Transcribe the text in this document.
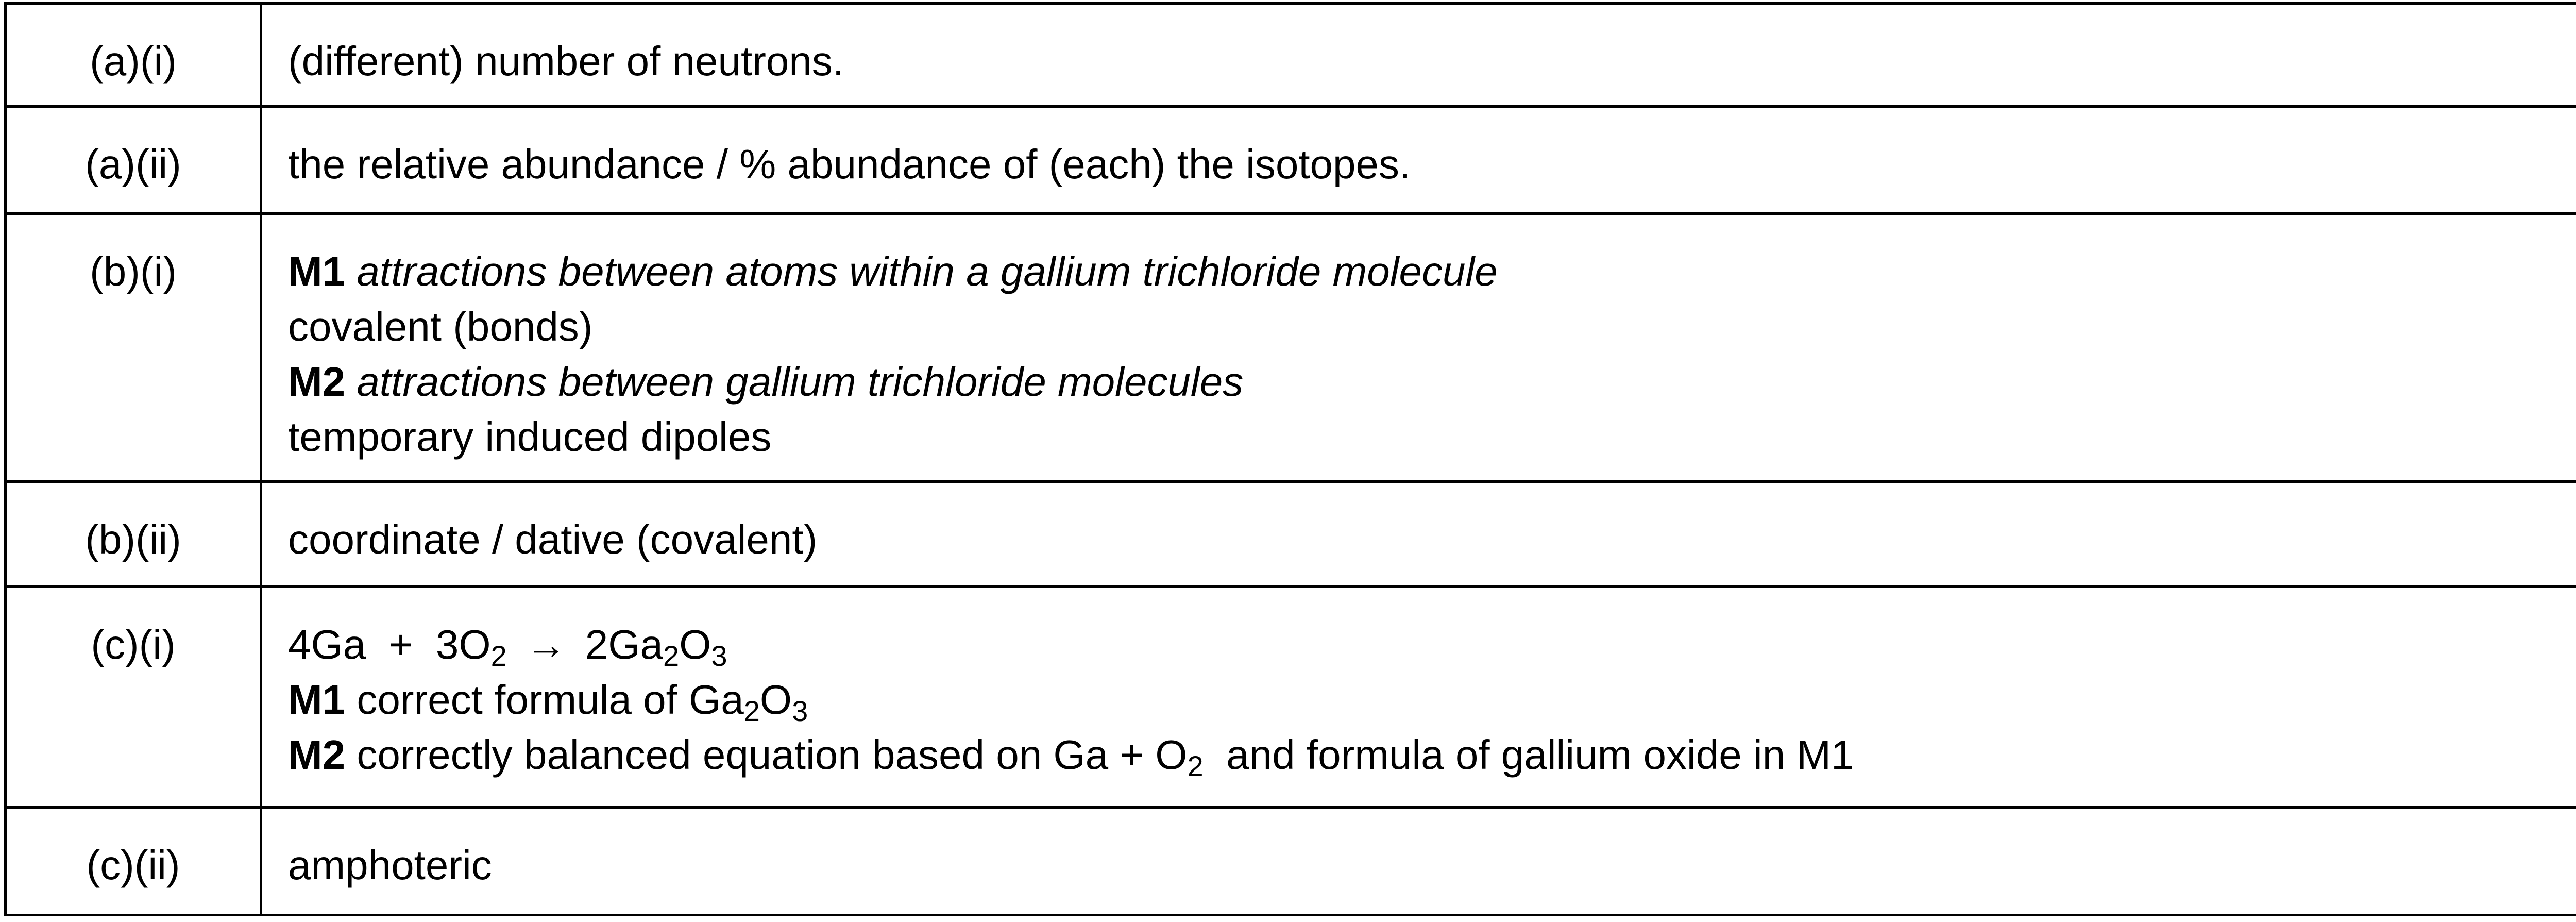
(a)(i)	(different) number of neutrons.	
(a)(ii)	the relative abundance / % abundance of (each) the isotopes.	
(b)(i)	M1 attractions between atoms within a gallium trichloride molecule
covalent (bonds)
M2 attractions between gallium trichloride molecules
temporary induced dipoles

(b)(ii)	coordinate / dative (covalent)	
(c)(i)	$4Ga + 3O_2 \to 2Ga_2O_3$
M1 correct formula of $Ga_2O_3$
M2 correctly balanced equation based on $Ga + O_2$  and formula of gallium oxide in M1

(c)(ii)	amphoteric	
